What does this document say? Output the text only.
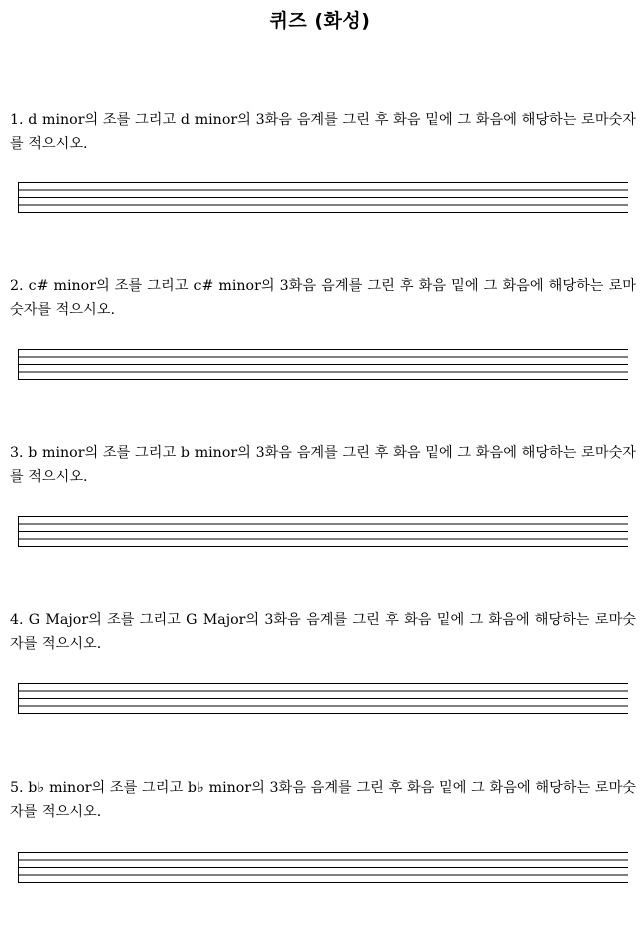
퀴즈 (화성)
1. d minor의 조를 그리고 d minor의 3화음 음계를 그린 후 화음 밑에 그 화음에 해당하는 로마숫자를 적으시오.
2. c# minor의 조를 그리고 c# minor의 3화음 음계를 그린 후 화음 밑에 그 화음에 해당하는 로마숫자를 적으시오.
3. b minor의 조를 그리고 b minor의 3화음 음계를 그린 후 화음 밑에 그 화음에 해당하는 로마숫자를 적으시오.
4. G Major의 조를 그리고 G Major의 3화음 음계를 그린 후 화음 밑에 그 화음에 해당하는 로마숫자를 적으시오.
5. b♭ minor의 조를 그리고 b♭ minor의 3화음 음계를 그린 후 화음 밑에 그 화음에 해당하는 로마숫자를 적으시오.
